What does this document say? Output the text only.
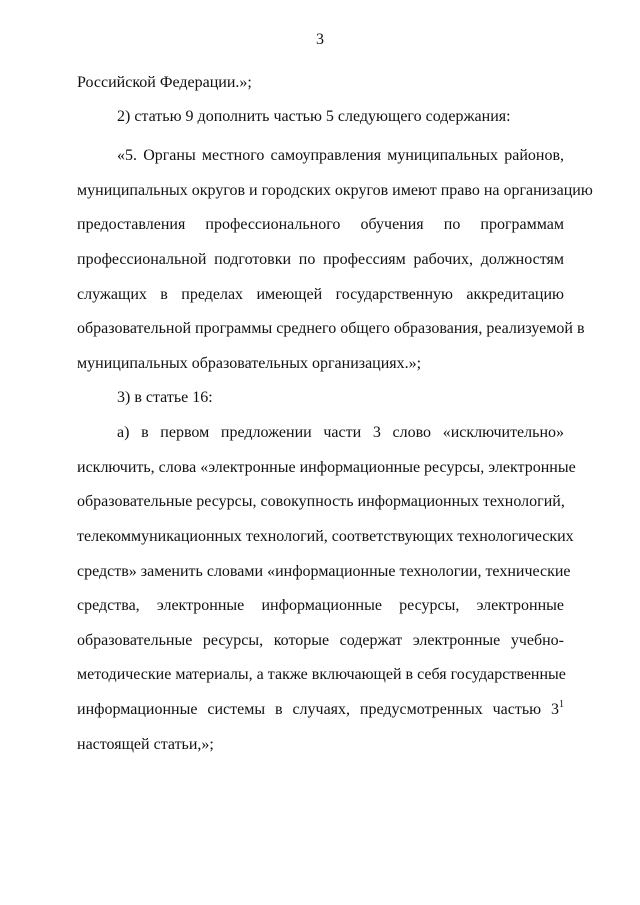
3
Российской Федерации.»;
2) статью 9 дополнить частью 5 следующего содержания:
«5. Органы местного самоуправления муниципальных районов,
муниципальных округов и городских округов имеют право на организацию
предоставления профессионального обучения по программам
профессиональной подготовки по профессиям рабочих, должностям
служащих в пределах имеющей государственную аккредитацию
образовательной программы среднего общего образования, реализуемой в
муниципальных образовательных организациях.»;
3) в статье 16:
а) в первом предложении части 3 слово «исключительно»
исключить, слова «электронные информационные ресурсы, электронные
образовательные ресурсы, совокупность информационных технологий,
телекоммуникационных технологий, соответствующих технологических
средств» заменить словами «информационные технологии, технические
средства, электронные информационные ресурсы, электронные
образовательные ресурсы, которые содержат электронные учебно-
методические материалы, а также включающей в себя государственные
информационные системы в случаях, предусмотренных частью $3^1$
настоящей статьи,»;
